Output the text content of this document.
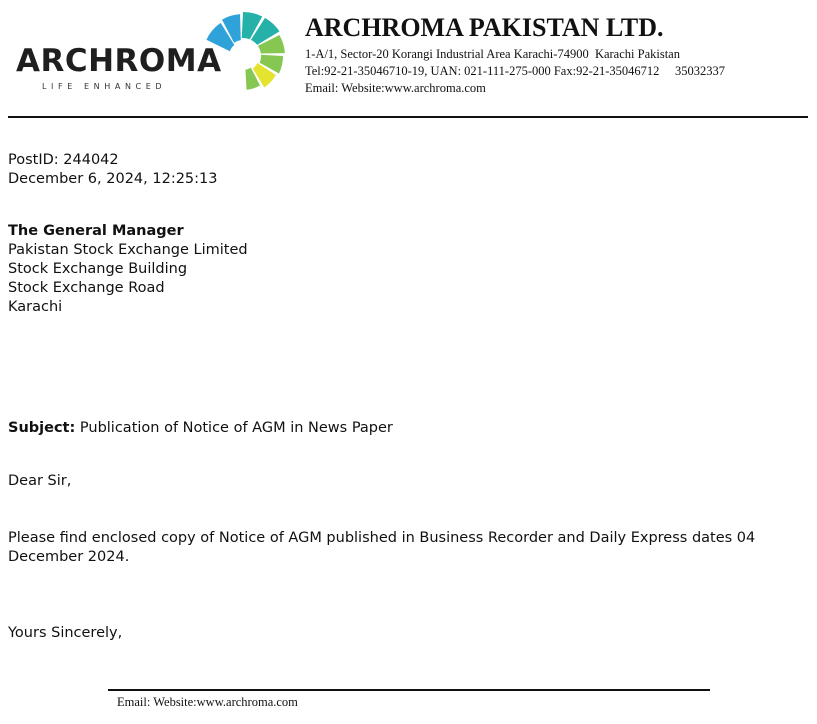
ARCHROMA
LIFE ENHANCED
ARCHROMA PAKISTAN LTD.
1-A/1, Sector-20 Korangi Industrial Area Karachi-74900  Karachi Pakistan
Tel:92-21-35046710-19, UAN: 021-111-275-000 Fax:92-21-35046712     35032337
Email: Website:www.archroma.com
PostID: 244042
December 6, 2024, 12:25:13
The General Manager
Pakistan Stock Exchange Limited
Stock Exchange Building
Stock Exchange Road
Karachi
Subject: Publication of Notice of AGM in News Paper
Dear Sir,
Please find enclosed copy of Notice of AGM published in Business Recorder and Daily Express dates 04 December 2024.
Yours Sincerely,
Email: Website:www.archroma.com
